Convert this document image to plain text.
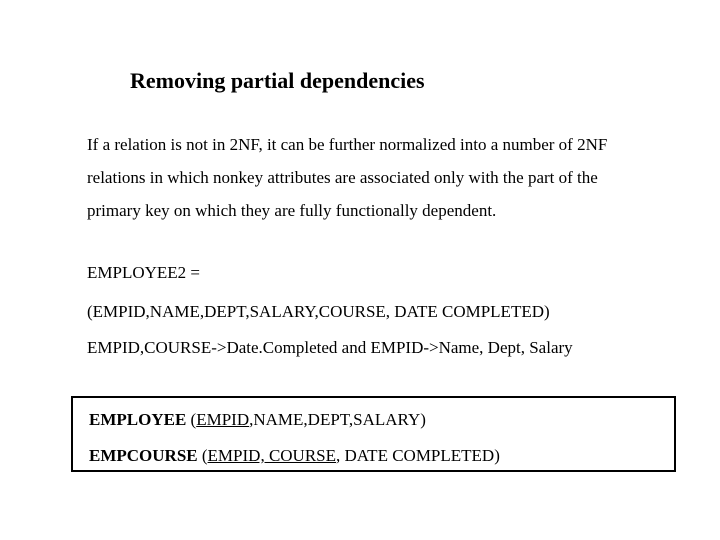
Removing partial dependencies
If a relation is not in 2NF, it can be further normalized into a number of 2NF
relations in which nonkey attributes are associated only with the part of the
primary key on which they are fully functionally dependent.
EMPLOYEE2 =
(EMPID,NAME,DEPT,SALARY,COURSE, DATE COMPLETED)
EMPID,COURSE->Date.Completed and EMPID->Name, Dept, Salary
EMPLOYEE (EMPID,NAME,DEPT,SALARY)
EMPCOURSE (EMPID, COURSE, DATE COMPLETED)
